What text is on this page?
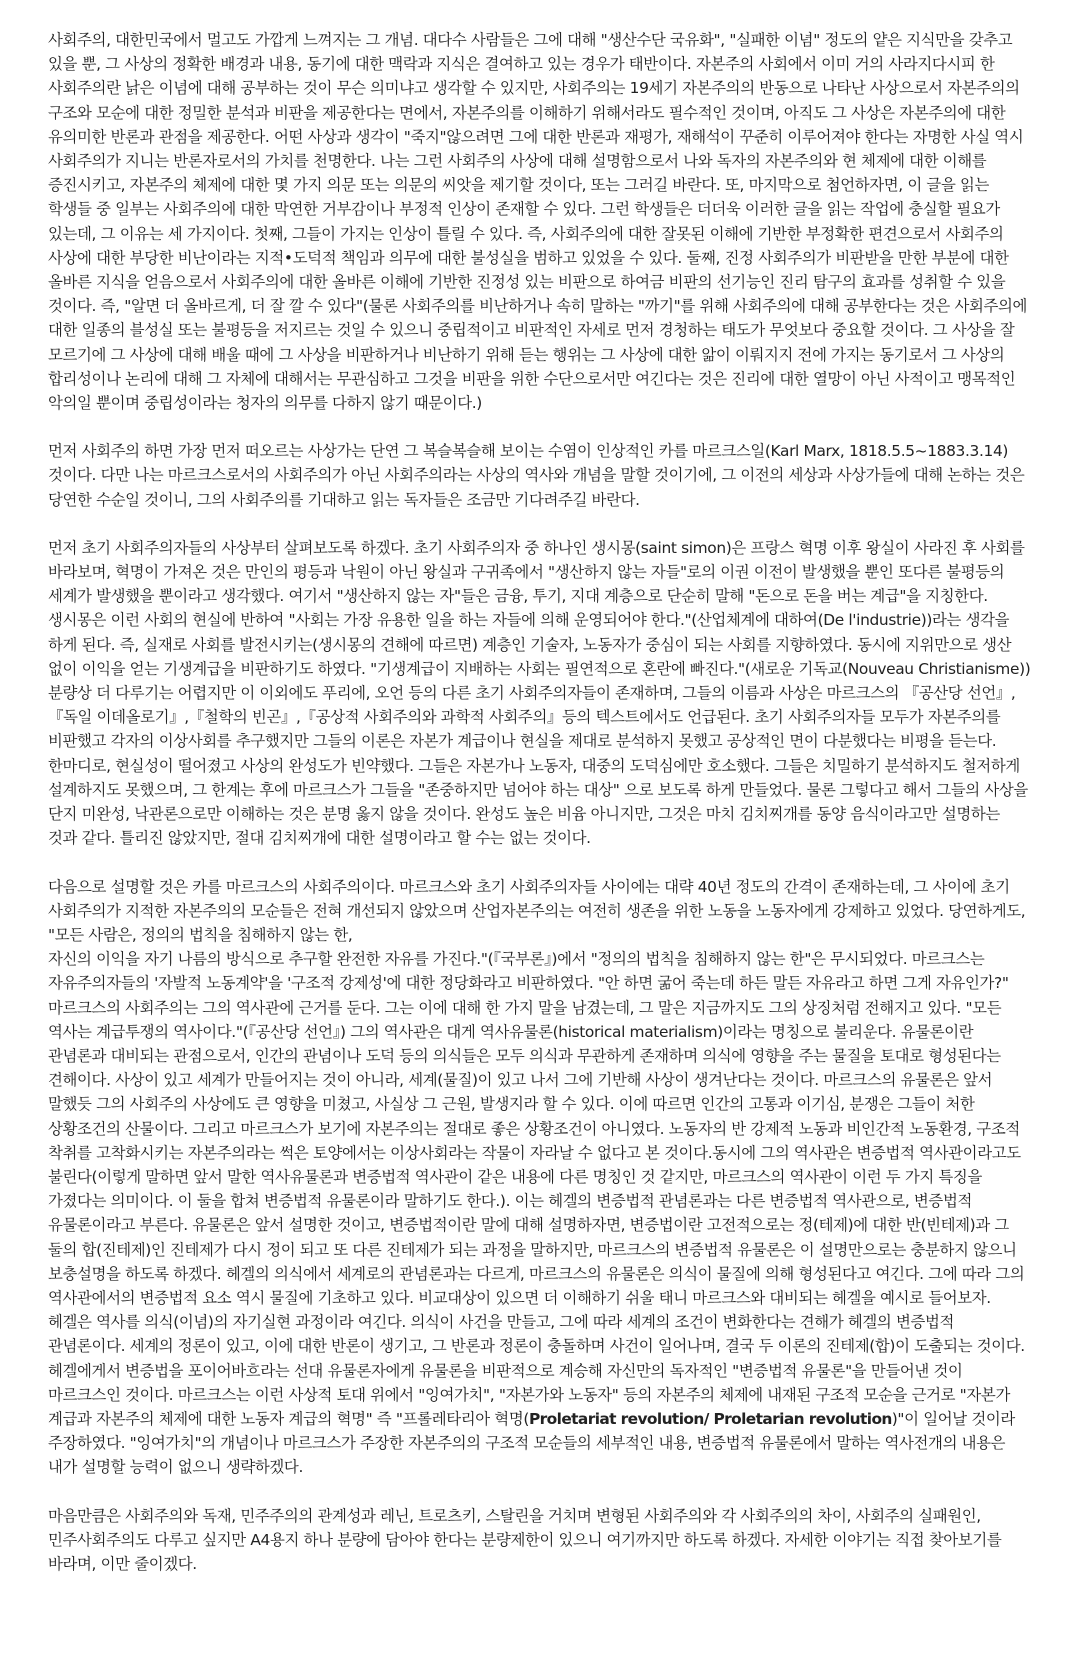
사회주의, 대한민국에서 멀고도 가깝게 느껴지는 그 개념. 대다수 사람들은 그에 대해 "생산수단 국유화", "실패한 이념" 정도의 얕은 지식만을 갖추고 있을 뿐, 그 사상의 정확한 배경과 내용, 동기에 대한 맥락과 지식은 결여하고 있는 경우가 태반이다. 자본주의 사회에서 이미 거의 사라지다시피 한 사회주의란 낡은 이념에 대해 공부하는 것이 무슨 의미냐고 생각할 수 있지만, 사회주의는 19세기 자본주의의 반동으로 나타난 사상으로서 자본주의의 구조와 모순에 대한 정밀한 분석과 비판을 제공한다는 면에서, 자본주의를 이해하기 위해서라도 필수적인 것이며, 아직도 그 사상은 자본주의에 대한 유의미한 반론과 관점을 제공한다. 어떤 사상과 생각이 "죽지"않으려면 그에 대한 반론과 재평가, 재해석이 꾸준히 이루어져야 한다는 자명한 사실 역시 사회주의가 지니는 반론자로서의 가치를 천명한다. 나는 그런 사회주의 사상에 대해 설명함으로서 나와 독자의 자본주의와 현 체제에 대한 이해를 증진시키고, 자본주의 체제에 대한 몇 가지 의문 또는 의문의 씨앗을 제기할 것이다, 또는 그러길 바란다. 또, 마지막으로 첨언하자면, 이 글을 읽는 학생들 중 일부는 사회주의에 대한 막연한 거부감이나 부정적 인상이 존재할 수 있다. 그런 학생들은 더더욱 이러한 글을 읽는 작업에 충실할 필요가 있는데, 그 이유는 세 가지이다. 첫째, 그들이 가지는 인상이 틀릴 수 있다. 즉, 사회주의에 대한 잘못된 이해에 기반한 부정확한 편견으로서 사회주의 사상에 대한 부당한 비난이라는 지적•도덕적 책임과 의무에 대한 불성실을 범하고 있었을 수 있다. 둘째, 진정 사회주의가 비판받을 만한 부분에 대한 올바른 지식을 얻음으로서 사회주의에 대한 올바른 이해에 기반한 진정성 있는 비판으로 하여금 비판의 선기능인 진리 탐구의 효과를 성취할 수 있을 것이다. 즉, "알면 더 올바르게, 더 잘 깔 수 있다"(물론 사회주의를 비난하거나 속히 말하는 "까기"를 위해 사회주의에 대해 공부한다는 것은 사회주의에 대한 일종의 블성실 또는 불평등을 저지르는 것일 수 있으니 중립적이고 비판적인 자세로 먼저 경청하는 태도가 무엇보다 중요할 것이다. 그 사상을 잘 모르기에 그 사상에 대해 배울 때에 그 사상을 비판하거나 비난하기 위해 듣는 행위는 그 사상에 대한 앎이 이뤄지지 전에 가지는 동기로서 그 사상의 합리성이나 논리에 대해 그 자체에 대해서는 무관심하고 그것을 비판을 위한 수단으로서만 여긴다는 것은 진리에 대한 열망이 아닌 사적이고 맹목적인 악의일 뿐이며 중립성이라는 청자의 의무를 다하지 않기 때문이다.)

먼저 사회주의 하면 가장 먼저 떠오르는 사상가는 단연 그 복슬복슬해 보이는 수염이 인상적인 카를 마르크스일(Karl Marx, 1818.5.5~1883.3.14) 것이다. 다만 나는 마르크스로서의 사회주의가 아닌 사회주의라는 사상의 역사와 개념을 말할 것이기에, 그 이전의 세상과 사상가들에 대해 논하는 것은 당연한 수순일 것이니, 그의 사회주의를 기대하고 읽는 독자들은 조금만 기다려주길 바란다.

먼저 초기 사회주의자들의 사상부터 살펴보도록 하겠다. 초기 사회주의자 중 하나인 생시몽(saint simon)은 프랑스 혁명 이후 왕실이 사라진 후 사회를 바라보며, 혁명이 가져온 것은 만인의 평등과 낙원이 아닌 왕실과 구귀족에서 "생산하지 않는 자들"로의 이권 이전이 발생했을 뿐인 또다른 불평등의 세계가 발생했을 뿐이라고 생각했다. 여기서 "생산하지 않는 자"들은 금융, 투기, 지대 계층으로 단순히 말해 "돈으로 돈을 버는 계급"을 지칭한다. 생시몽은 이런 사회의 현실에 반하여 "사회는 가장 유용한 일을 하는 자들에 의해 운영되어야 한다."(산업체계에 대하여(De l'industrie))라는 생각을 하게 된다. 즉, 실재로 사회를 발전시키는(생시몽의 견해에 따르면) 계층인 기술자, 노동자가 중심이 되는 사회를 지향하였다. 동시에 지위만으로 생산 없이 이익을 얻는 기생계급을 비판하기도 하였다. "기생계급이 지배하는 사회는 필연적으로 혼란에 빠진다."(새로운 기독교(Nouveau Christianisme)) 분량상 더 다루기는 어렵지만 이 이외에도 푸리에, 오언 등의 다른 초기 사회주의자들이 존재하며, 그들의 이름과 사상은 마르크스의 『공산당 선언』,『독일 이데올로기』,『철학의 빈곤』,『공상적 사회주의와 과학적 사회주의』등의 텍스트에서도 언급된다. 초기 사회주의자들 모두가 자본주의를 비판했고 각자의 이상사회를 추구했지만 그들의 이론은 자본가 계급이나 현실을 제대로 분석하지 못했고 공상적인 면이 다분했다는 비평을 듣는다. 한마디로, 현실성이 떨어졌고 사상의 완성도가 빈약했다. 그들은 자본가나 노동자, 대중의 도덕심에만 호소했다. 그들은 치밀하기 분석하지도 철저하게 설계하지도 못했으며, 그 한계는 후에 마르크스가 그들을 "존중하지만 넘어야 하는 대상" 으로 보도록 하게 만들었다. 물론 그렇다고 해서 그들의 사상을 단지 미완성, 낙관론으로만 이해하는 것은 분명 옳지 않을 것이다. 완성도 높은 비윰 아니지만, 그것은 마치 김치찌개를 동양 음식이라고만 설명하는 것과 같다. 틀리진 않았지만, 절대 김치찌개에 대한 설명이라고 할 수는 없는 것이다.

다음으로 설명할 것은 카를 마르크스의 사회주의이다. 마르크스와 초기 사회주의자들 사이에는 대략 40년 정도의 간격이 존재하는데, 그 사이에 초기 사회주의가 지적한 자본주의의 모순들은 전혀 개선되지 않았으며 산업자본주의는 여전히 생존을 위한 노동을 노동자에게 강제하고 있었다. 당연하게도, "모든 사람은, 정의의 법칙을 침해하지 않는 한,
자신의 이익을 자기 나름의 방식으로 추구할 완전한 자유를 가진다."(『국부론』)에서 "정의의 법칙을 침해하지 않는 한"은 무시되었다. 마르크스는 자유주의자들의 '자발적 노동계약'을 '구조적 강제성'에 대한 정당화라고 비판하였다. "안 하면 굶어 죽는데 하든 말든 자유라고 하면 그게 자유인가?" 마르크스의 사회주의는 그의 역사관에 근거를 둔다. 그는 이에 대해 한 가지 말을 남겼는데, 그 말은 지금까지도 그의 상징처럼 전해지고 있다. "모든 역사는 계급투쟁의 역사이다."(『공산당 선언』) 그의 역사관은 대게 역사유물론(historical materialism)이라는 명칭으로 불리운다. 유물론이란 관념론과 대비되는 관점으로서, 인간의 관념이나 도덕 등의 의식들은 모두 의식과 무관하게 존재하며 의식에 영향을 주는 물질을 토대로 형성된다는 견해이다. 사상이 있고 세계가 만들어지는 것이 아니라, 세계(물질)이 있고 나서 그에 기반해 사상이 생겨난다는 것이다. 마르크스의 유물론은 앞서 말했듯 그의 사회주의 사상에도 큰 영향을 미쳤고, 사실상 그 근원, 발생지라 할 수 있다. 이에 따르면 인간의 고통과 이기심, 분쟁은 그들이 처한 상황조건의 산물이다. 그리고 마르크스가 보기에 자본주의는 절대로 좋은 상황조건이 아니였다. 노동자의 반 강제적 노동과 비인간적 노동환경, 구조적 착취를 고착화시키는 자본주의라는 썩은 토양에서는 이상사회라는 작물이 자라날 수 없다고 본 것이다.동시에 그의 역사관은 변증법적 역사관이라고도 불린다(이렇게 말하면 앞서 말한 역사유물론과 변증법적 역사관이 같은 내용에 다른 명칭인 것 같지만, 마르크스의 역사관이 이런 두 가지 특징을 가졌다는 의미이다. 이 둘을 합쳐 변증법적 유물론이라 말하기도 한다.). 이는 헤겔의 변증법적 관념론과는 다른 변증법적 역사관으로, 변증법적 유물론이라고 부른다. 유물론은 앞서 설명한 것이고, 변증법적이란 말에 대해 설명하자면, 변증법이란 고전적으로는 정(테제)에 대한 반(빈테제)과 그 둘의 합(진테제)인 진테제가 다시 정이 되고 또 다른 진테제가 되는 과정을 말하지만, 마르크스의 변증법적 유물론은 이 설명만으로는 충분하지 않으니 보충설명을 하도록 하겠다. 헤겔의 의식에서 세계로의 관념론과는 다르게, 마르크스의 유물론은 의식이 물질에 의해 형성된다고 여긴다. 그에 따라 그의 역사관에서의 변증법적 요소 역시 물질에 기초하고 있다. 비교대상이 있으면 더 이해하기 쉬울 태니 마르크스와 대비되는 헤겔을 예시로 들어보자. 헤겔은 역사를 의식(이념)의 자기실현 과정이라 여긴다. 의식이 사건을 만들고, 그에 따라 세계의 조건이 변화한다는 견해가 헤겔의 변증법적 관념론이다. 세계의 정론이 있고, 이에 대한 반론이 생기고, 그 반론과 정론이 충돌하며 사건이 일어나며, 결국 두 이론의 진테제(합)이 도출되는 것이다. 헤겔에게서 변증법을 포이어바흐라는 선대 유물론자에게 유물론을 비판적으로 계승해 자신만의 독자적인 "변증법적 유물론"을 만들어낸 것이 마르크스인 것이다. 마르크스는 이런 사상적 토대 위에서 "잉여가치", "자본가와 노동자" 등의 자본주의 체제에 내재된 구조적 모순을 근거로 "자본가 계급과 자본주의 체제에 대한 노동자 계급의 혁명" 즉 "프롤레타리아 혁명(Proletariat revolution/ Proletarian revolution)"이 일어날 것이라 주장하였다. "잉여가치"의 개념이나 마르크스가 주장한 자본주의의 구조적 모순들의 세부적인 내용, 변증법적 유물론에서 말하는 역사전개의 내용은 내가 설명할 능력이 없으니 생략하겠다.

마음만큼은 사회주의와 독재, 민주주의의 관계성과 레닌, 트로츠키, 스탈린을 거치며 변형된 사회주의와 각 사회주의의 차이, 사회주의 실패원인, 민주사회주의도 다루고 싶지만 A4용지 하나 분량에 담아야 한다는 분량제한이 있으니 여기까지만 하도록 하겠다. 자세한 이야기는 직접 찾아보기를 바라며, 이만 줄이겠다.
